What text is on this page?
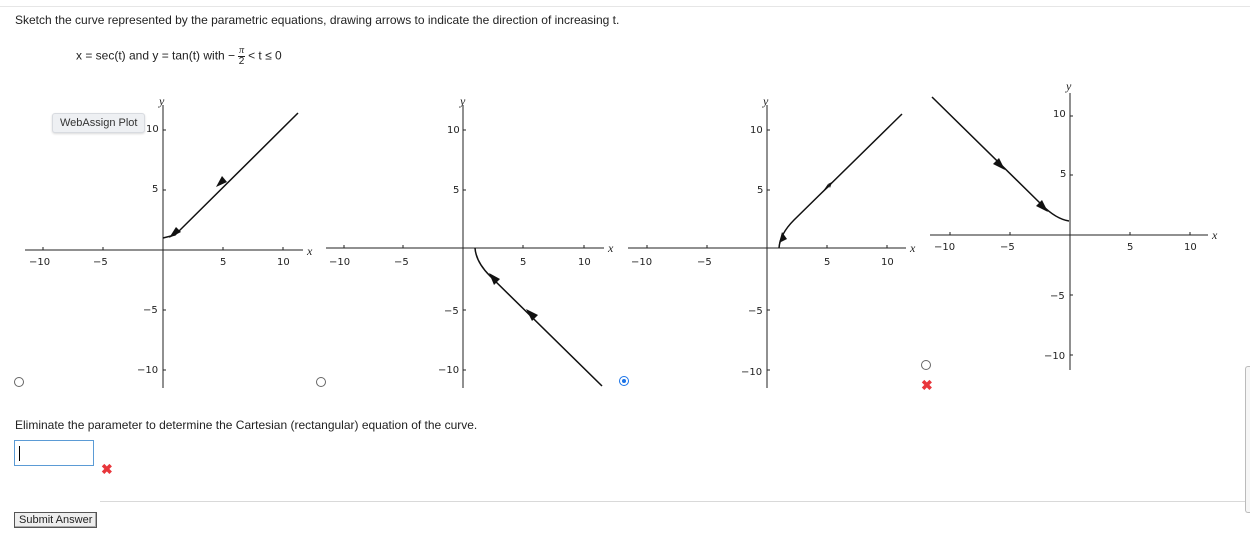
Sketch the curve represented by the parametric equations, drawing arrows to indicate the direction of increasing t.
x = sec(t) and y = tan(t) with − $\frac{\pi}{2} < t \le 0$
x
y
−10	−5	5	10
10
5
−5
−10
x
y
−10	−5	5	10
10
5
−5
−10
x
y
−10	−5	5	10
10
5
−5
−10
x
y
−10	−5	5	10
10
5
−5
−10
WebAssign Plot
✖
Eliminate the parameter to determine the Cartesian (rectangular) equation of the curve.
✖
Submit Answer
